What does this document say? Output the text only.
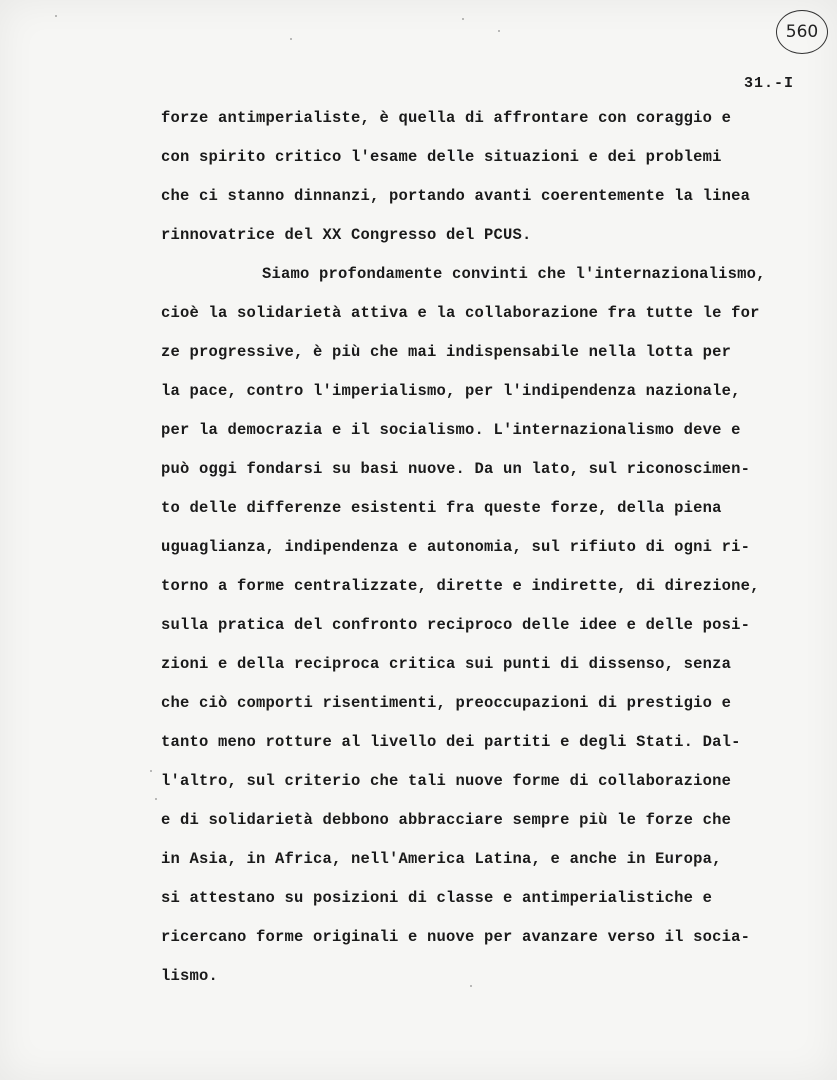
560
31.-I
forze antimperialiste, è quella di affrontare con coraggio e
con spirito critico l'esame delle situazioni e dei problemi
che ci stanno dinnanzi, portando avanti coerentemente la linea
rinnovatrice del XX Congresso del PCUS.
Siamo profondamente convinti che l'internazionalismo,
cioè la solidarietà attiva e la collaborazione fra tutte le for
ze progressive, è più che mai indispensabile nella lotta per
la pace, contro l'imperialismo, per l'indipendenza nazionale,
per la democrazia e il socialismo. L'internazionalismo deve e
può oggi fondarsi su basi nuove. Da un lato, sul riconoscimen-
to delle differenze esistenti fra queste forze, della piena
uguaglianza, indipendenza e autonomia, sul rifiuto di ogni ri-
torno a forme centralizzate, dirette e indirette, di direzione,
sulla pratica del confronto reciproco delle idee e delle posi-
zioni e della reciproca critica sui punti di dissenso, senza
che ciò comporti risentimenti, preoccupazioni di prestigio e
tanto meno rotture al livello dei partiti e degli Stati. Dal-
l'altro, sul criterio che tali nuove forme di collaborazione
e di solidarietà debbono abbracciare sempre più le forze che
in Asia, in Africa, nell'America Latina, e anche in Europa,
si attestano su posizioni di classe e antimperialistiche e
ricercano forme originali e nuove per avanzare verso il socia-
lismo.
